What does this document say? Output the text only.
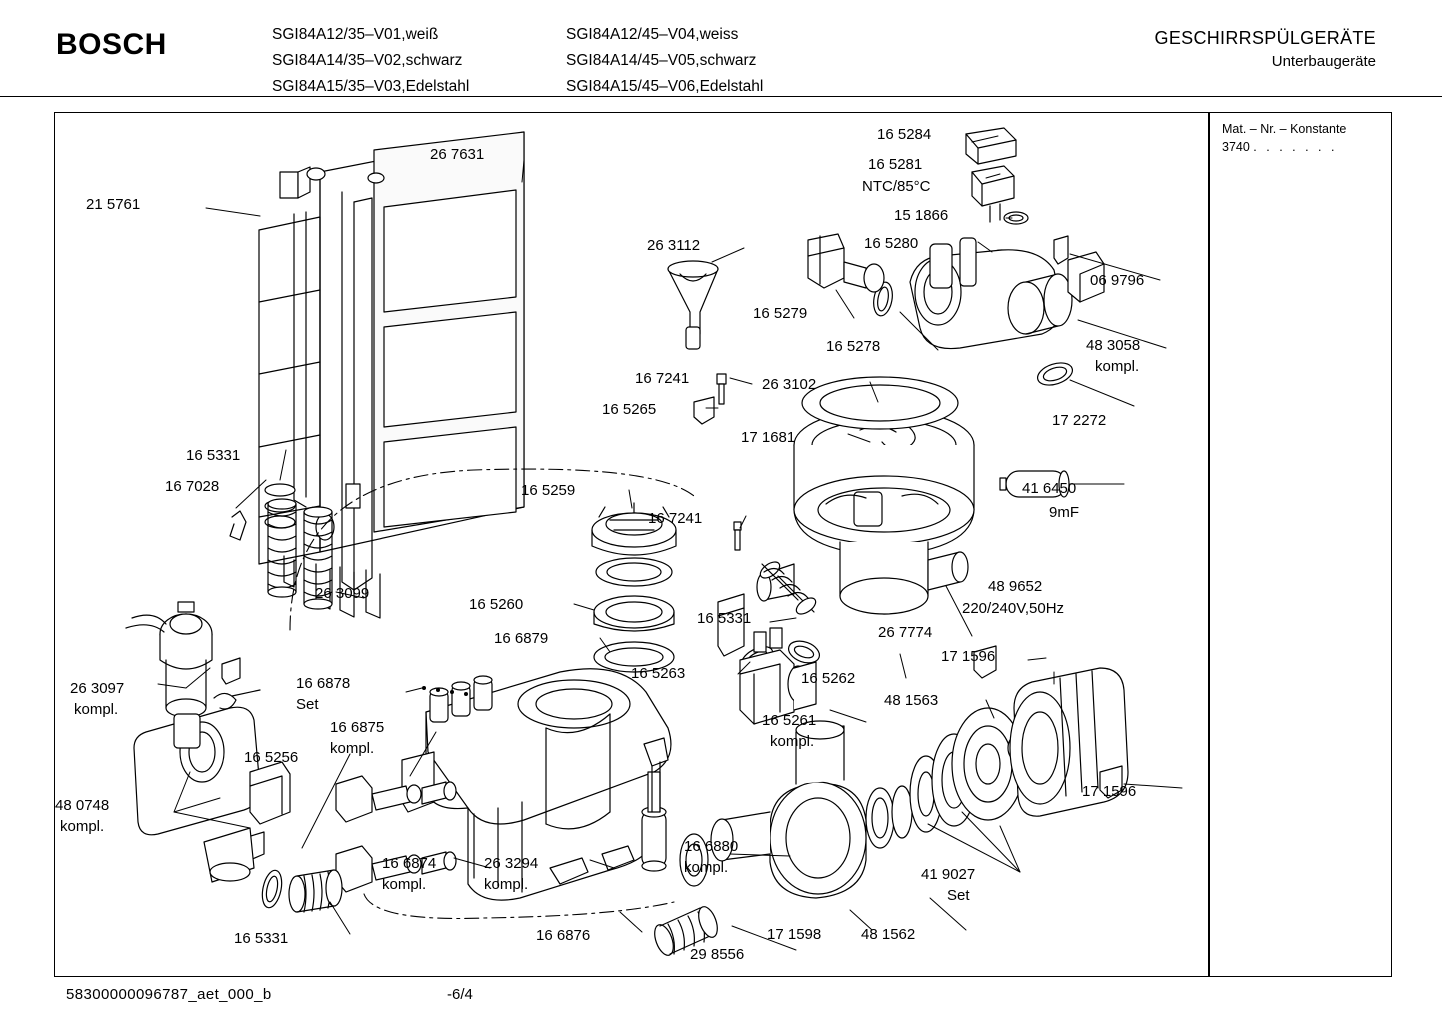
BOSCH	SGI84A12/35–V01,weiß
SGI84A14/35–V02,schwarz
SGI84A15/35–V03,Edelstahl
SGI84A12/45–V04,weiss
SGI84A14/45–V05,schwarz
SGI84A15/45–V06,Edelstahl
GESCHIRRSPÜLGERÄTE
Unterbaugeräte
Mat. – Nr. – Konstante
3740 . . . . . . .
21 5761
26 7631
26 3112
16 5284
16 5281
NTC/85°C
15 1866
16 5280
06 9796
48 3058
kompl.
16 5279
16 5278
17 2272
16 7241
16 5265
26 3102
17 1681
41 6450
9mF
16 5331
16 7028
26 3099
16 5259
16 7241
16 5260
16 6879
16 5331
16 5263	16 5262
26 7774
48 9652
220/240V,50Hz
17 1596
48 1563
17 1596
16 5261
kompl.
16 6878
Set
16 6875
kompl.
26 3097
kompl.
16 5256
48 0748
kompl.
16 6880
kompl.
16 6874
kompl.
26 3294
kompl.
16 6876
16 5331
29 8556
17 1598	48 1562
41 9027
Set
58300000096787_aet_000_b	-6/4
